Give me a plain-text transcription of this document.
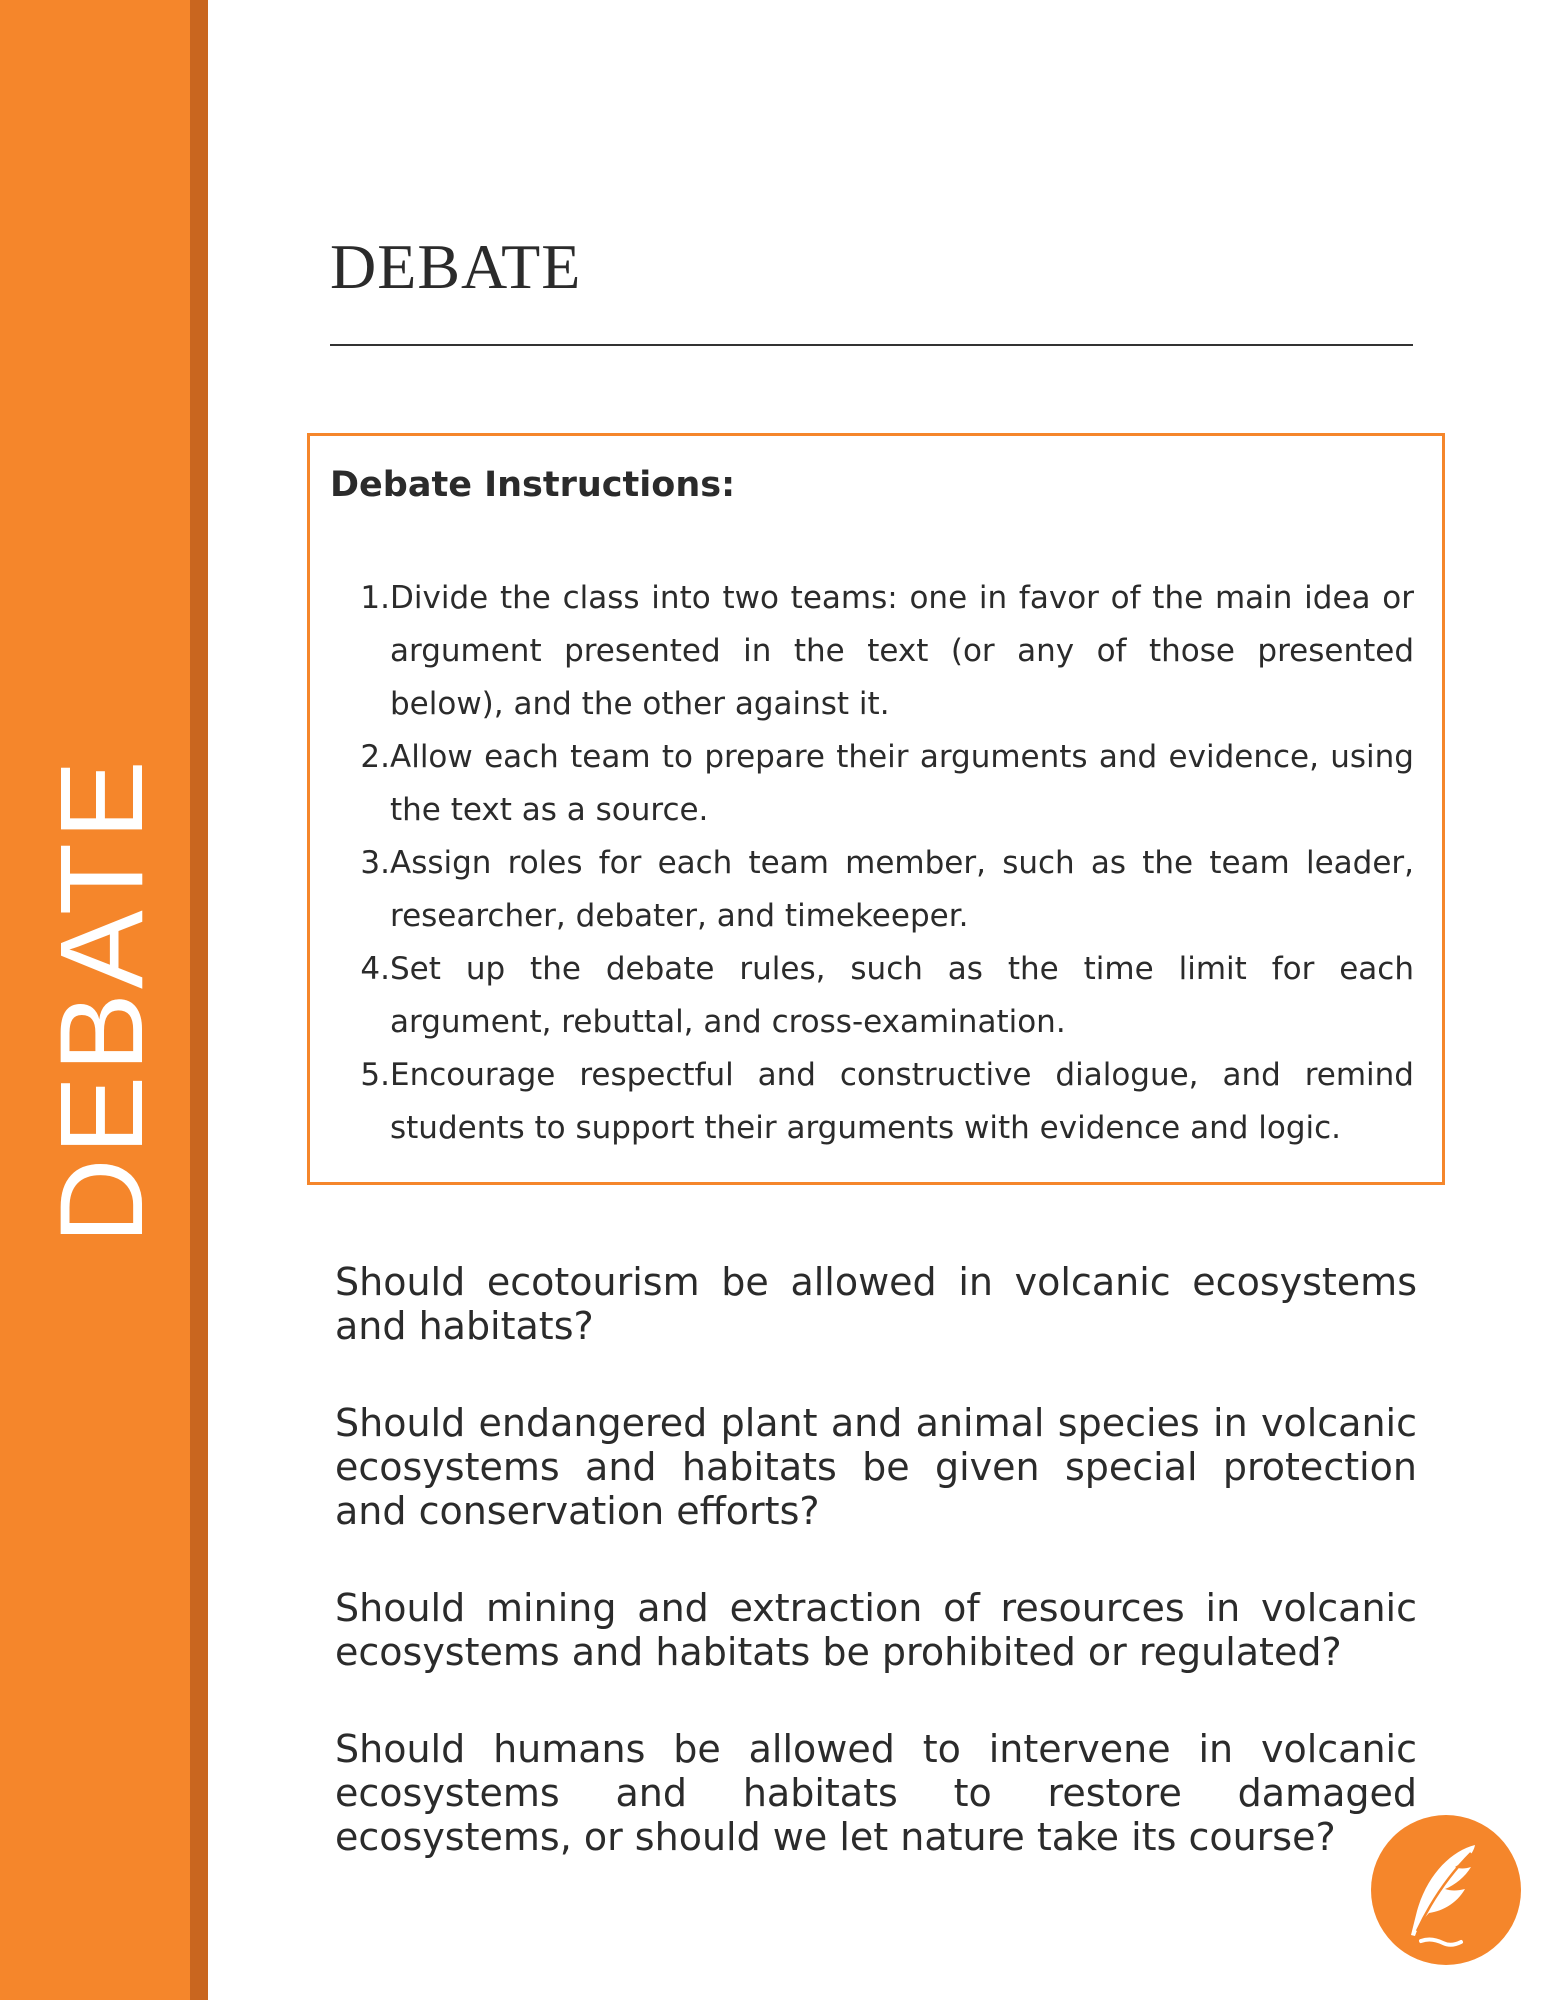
DEBATE
DEBATE
Debate Instructions:
1. Divide the class into two teams: one in favor of the main idea or argument presented in the text (or any of those presented below), and the other against it.
2. Allow each team to prepare their arguments and evidence, using the text as a source.
3. Assign roles for each team member, such as the team leader, researcher, debater, and timekeeper.
4. Set up the debate rules, such as the time limit for each argument, rebuttal, and cross-examination.
5. Encourage respectful and constructive dialogue, and remind students to support their arguments with evidence and logic.

Should ecotourism be allowed in volcanic ecosystems and habitats?

Should endangered plant and animal species in volcanic ecosystems and habitats be given special protection and conservation efforts?

Should mining and extraction of resources in volcanic ecosystems and habitats be prohibited or regulated?

Should humans be allowed to intervene in volcanic ecosystems and habitats to restore damaged ecosystems, or should we let nature take its course?
